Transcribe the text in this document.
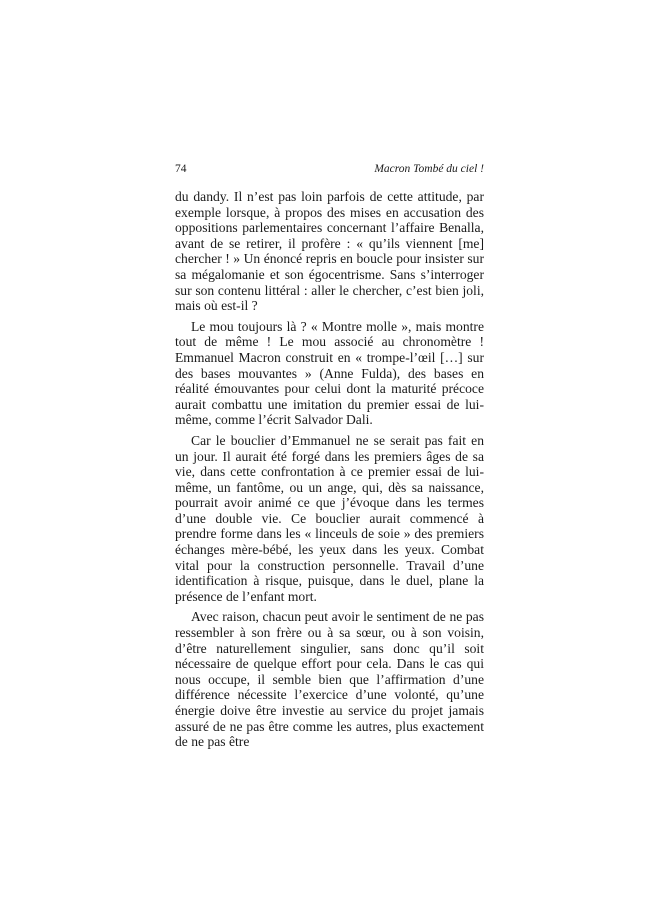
74	Macron Tombé du ciel !

du dandy. Il n’est pas loin parfois de cette attitude, par exemple lorsque, à propos des mises en accusation des oppositions parlementaires concernant l’affaire Benalla, avant de se retirer, il profère : « qu’ils viennent [me] chercher ! » Un énoncé repris en boucle pour insister sur sa mégalomanie et son égocentrisme. Sans s’interroger sur son contenu littéral : aller le chercher, c’est bien joli, mais où est-il ?

Le mou toujours là ? « Montre molle », mais montre tout de même ! Le mou associé au chronomètre ! Emmanuel Macron construit en « trompe-l’œil […] sur des bases mouvantes » (Anne Fulda), des bases en réalité émouvantes pour celui dont la maturité précoce aurait combattu une imitation du premier essai de lui-même, comme l’écrit Salvador Dali.

Car le bouclier d’Emmanuel ne se serait pas fait en un jour. Il aurait été forgé dans les premiers âges de sa vie, dans cette confrontation à ce premier essai de lui-même, un fantôme, ou un ange, qui, dès sa naissance, pourrait avoir animé ce que j’évoque dans les termes d’une double vie. Ce bouclier aurait commencé à prendre forme dans les « linceuls de soie » des premiers échanges mère-bébé, les yeux dans les yeux. Combat vital pour la construction personnelle. Travail d’une identification à risque, puisque, dans le duel, plane la présence de l’enfant mort.

Avec raison, chacun peut avoir le sentiment de ne pas ressembler à son frère ou à sa sœur, ou à son voisin, d’être naturellement singulier, sans donc qu’il soit nécessaire de quelque effort pour cela. Dans le cas qui nous occupe, il semble bien que l’affirmation d’une différence nécessite l’exercice d’une volonté, qu’une énergie doive être investie au service du projet jamais assuré de ne pas être comme les autres, plus exactement de ne pas être
